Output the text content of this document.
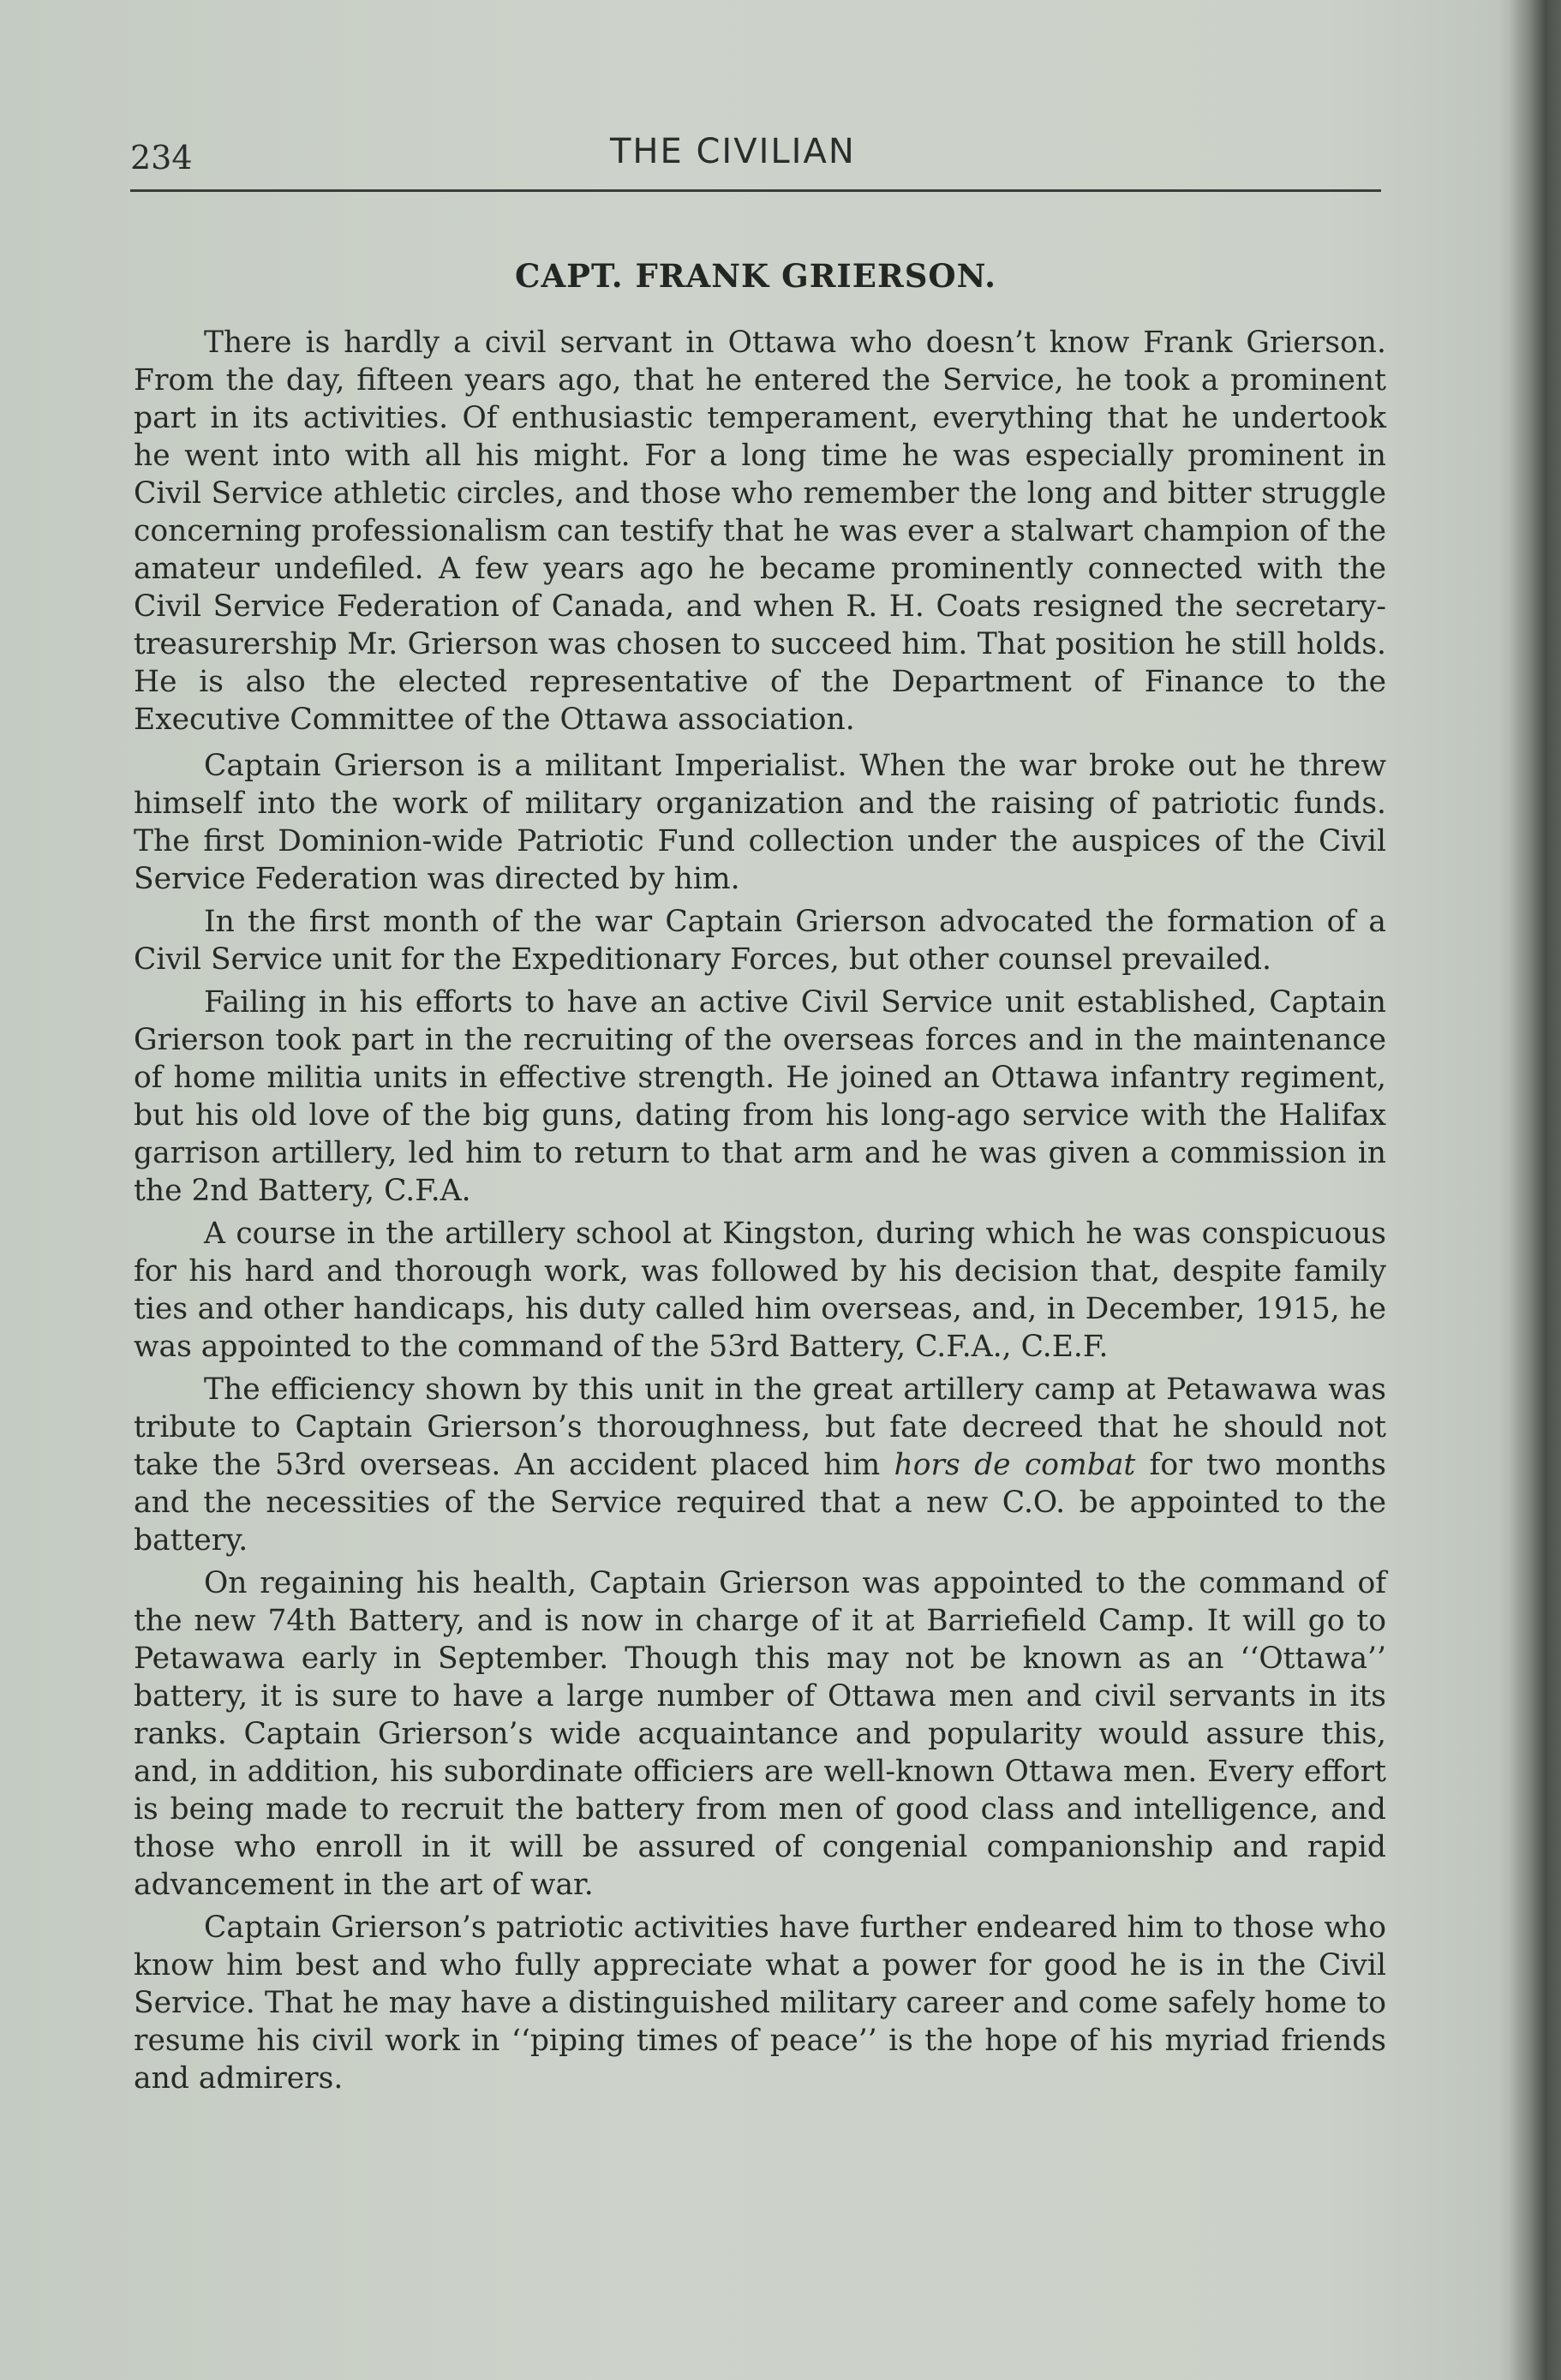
234	THE CIVILIAN
CAPT. FRANK GRIERSON.

There is hardly a civil servant in Ottawa who doesn’t know Frank Grierson. From the day, fifteen years ago, that he entered the Service, he took a prominent part in its activities. Of enthusiastic temperament, everything that he undertook he went into with all his might. For a long time he was especially prominent in Civil Service athletic circles, and those who remember the long and bitter struggle concerning professionalism can testify that he was ever a stalwart champion of the amateur undefiled. A few years ago he became prominently connected with the Civil Service Federation of Canada, and when R. H. Coats resigned the secretary-treasurership Mr. Grierson was chosen to succeed him. That position he still holds. He is also the elected representative of the Department of Finance to the Executive Committee of the Ottawa association.

Captain Grierson is a militant Imperialist. When the war broke out he threw himself into the work of military organization and the raising of patriotic funds. The first Dominion-wide Patriotic Fund collection under the auspices of the Civil Service Federation was directed by him.

In the first month of the war Captain Grierson advocated the formation of a Civil Service unit for the Expeditionary Forces, but other counsel prevailed.

Failing in his efforts to have an active Civil Service unit established, Captain Grierson took part in the recruiting of the overseas forces and in the maintenance of home militia units in effective strength. He joined an Ottawa infantry regiment, but his old love of the big guns, dating from his long-ago service with the Halifax garrison artillery, led him to return to that arm and he was given a commission in the 2nd Battery, C.F.A.

A course in the artillery school at Kingston, during which he was conspicuous for his hard and thorough work, was followed by his decision that, despite family ties and other handicaps, his duty called him overseas, and, in December, 1915, he was appointed to the command of the 53rd Battery, C.F.A., C.E.F.

The efficiency shown by this unit in the great artillery camp at Petawawa was tribute to Captain Grierson’s thoroughness, but fate decreed that he should not take the 53rd overseas. An accident placed him hors de combat for two months and the necessities of the Service required that a new C.O. be appointed to the battery.

On regaining his health, Captain Grierson was appointed to the command of the new 74th Battery, and is now in charge of it at Barriefield Camp. It will go to Petawawa early in September. Though this may not be known as an ‘‘Ottawa’’ battery, it is sure to have a large number of Ottawa men and civil servants in its ranks. Captain Grierson’s wide acquaintance and popularity would assure this, and, in addition, his subordinate officiers are well-known Ottawa men. Every effort is being made to recruit the battery from men of good class and intelligence, and those who enroll in it will be assured of congenial companionship and rapid advancement in the art of war.

Captain Grierson’s patriotic activities have further endeared him to those who know him best and who fully appreciate what a power for good he is in the Civil Service. That he may have a distinguished military career and come safely home to resume his civil work in ‘‘piping times of peace’’ is the hope of his myriad friends and admirers.
